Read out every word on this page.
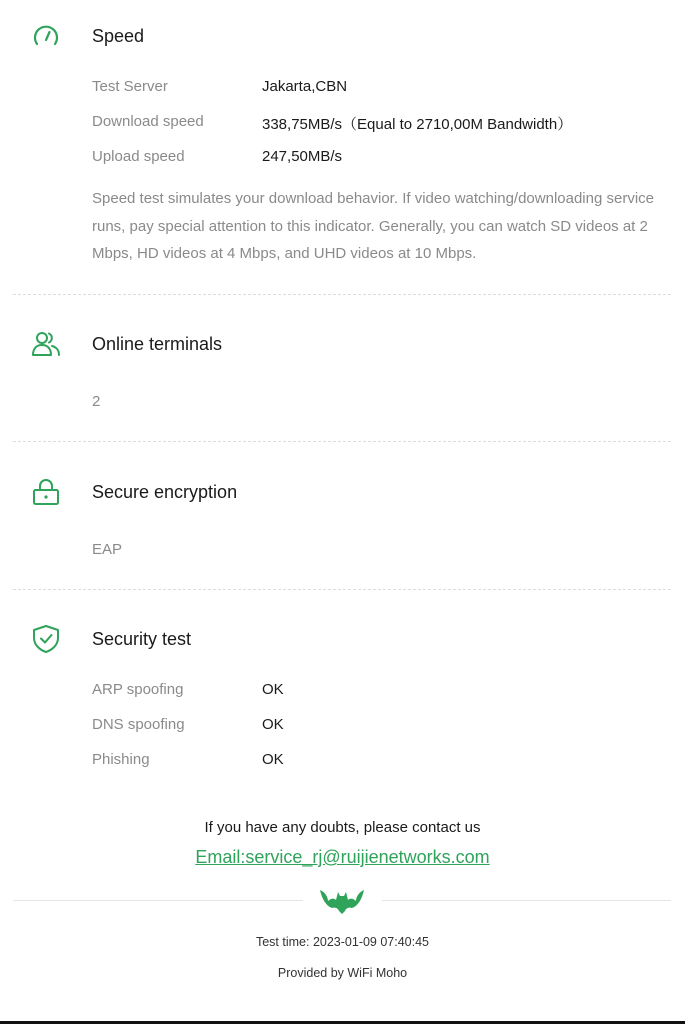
Speed
Test Server	Jakarta,CBN
Download speed	338,75MB/s（Equal to 2710,00M Bandwidth）
Upload speed	247,50MB/s
Speed test simulates your download behavior. If video watching/downloading service runs, pay special attention to this indicator. Generally, you can watch SD videos at 2 Mbps, HD videos at 4 Mbps, and UHD videos at 10 Mbps.
Online terminals
2
Secure encryption
EAP
Security test
ARP spoofing	OK
DNS spoofing	OK
Phishing	OK
If you have any doubts, please contact us
Email:service_rj@ruijienetworks.com
Test time: 2023-01-09 07:40:45
Provided by WiFi Moho
